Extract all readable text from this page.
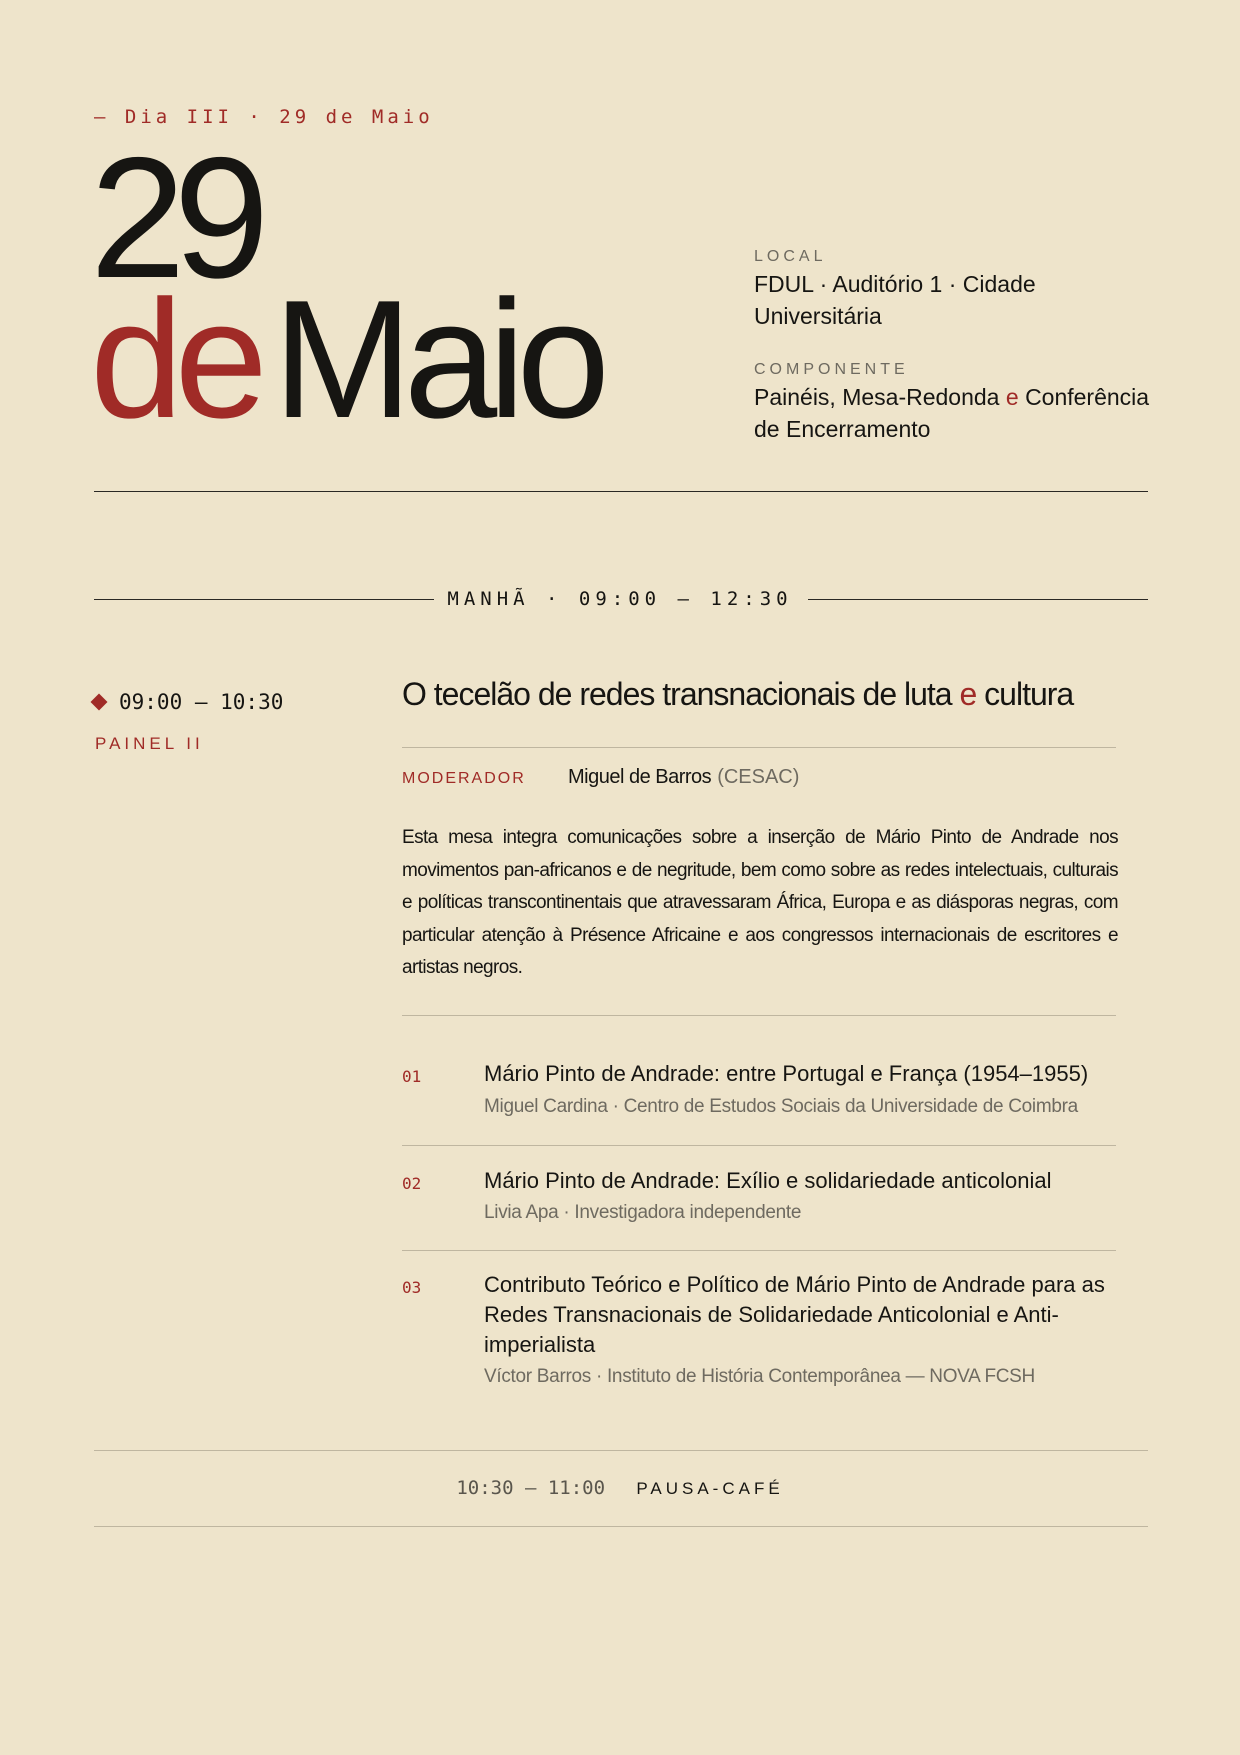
— Dia III · 29 de Maio
29
deMaio
LOCAL
FDUL · Auditório 1 · Cidade Universitária
COMPONENTE
Painéis, Mesa-Redonda e Conferência de Encerramento
MANHÃ · 09:00 — 12:30
09:00 — 10:30
PAINEL II
O tecelão de redes transnacionais de luta e cultura
MODERADOR	Miguel de Barros (CESAC)

Esta mesa integra comunicações sobre a inserção de Mário Pinto de Andrade nos movimentos pan-africanos e de negritude, bem como sobre as redes intelectuais, culturais e políticas transcontinentais que atravessaram África, Europa e as diásporas negras, com particular atenção à Présence Africaine e aos congressos internacionais de escritores e artistas negros.

01	Mário Pinto de Andrade: entre Portugal e França (1954–1955)

Miguel Cardina · Centro de Estudos Sociais da Universidade de Coimbra
02	Mário Pinto de Andrade: Exílio e solidariedade anticolonial

Livia Apa · Investigadora independente
03	Contributo Teórico e Político de Mário Pinto de Andrade para as Redes Transnacionais de Solidariedade Anticolonial e Anti-imperialista

Víctor Barros · Instituto de História Contemporânea — NOVA FCSH
10:30 — 11:00 PAUSA-CAFÉ
